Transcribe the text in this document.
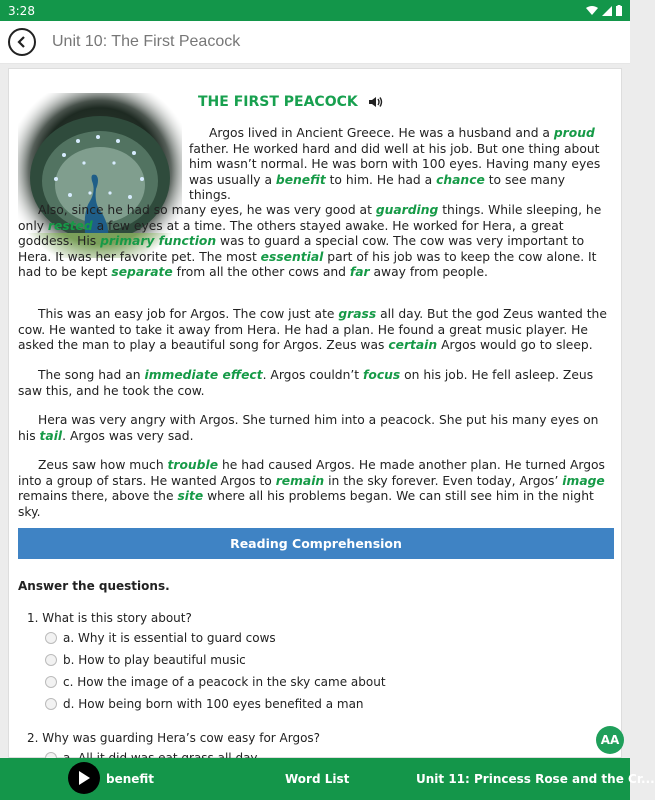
3:28
Unit 10: The First Peacock
THE FIRST PEACOCK
Argos lived in Ancient Greece. He was a husband and a proud father. He worked hard and did well at his job. But one thing about him wasn’t normal. He was born with 100 eyes. Having many eyes was usually a benefit to him. He had a chance to see many things.
Also, since he had so many eyes, he was very good at guarding things. While sleeping, he only rested a few eyes at a time. The others stayed awake. He worked for Hera, a great goddess. His primary function was to guard a special cow. The cow was very important to Hera. It was her favorite pet. The most essential part of his job was to keep the cow alone. It had to be kept separate from all the other cows and far away from people.
This was an easy job for Argos. The cow just ate grass all day. But the god Zeus wanted the cow. He wanted to take it away from Hera. He had a plan. He found a great music player. He asked the man to play a beautiful song for Argos. Zeus was certain Argos would go to sleep.
The song had an immediate effect. Argos couldn’t focus on his job. He fell asleep. Zeus saw this, and he took the cow.
Hera was very angry with Argos. She turned him into a peacock. She put his many eyes on his tail. Argos was very sad.
Zeus saw how much trouble he had caused Argos. He made another plan. He turned Argos into a group of stars. He wanted Argos to remain in the sky forever. Even today, Argos’ image remains there, above the site where all his problems began. We can still see him in the night sky.
Reading Comprehension
Answer the questions.
1. What is this story about?
a. Why it is essential to guard cows
b. How to play beautiful music
c. How the image of a peacock in the sky came about
d. How being born with 100 eyes benefited a man
2. Why was guarding Hera’s cow easy for Argos?	AA
benefit	Word List	Unit 11: Princess Rose and the Cr...
